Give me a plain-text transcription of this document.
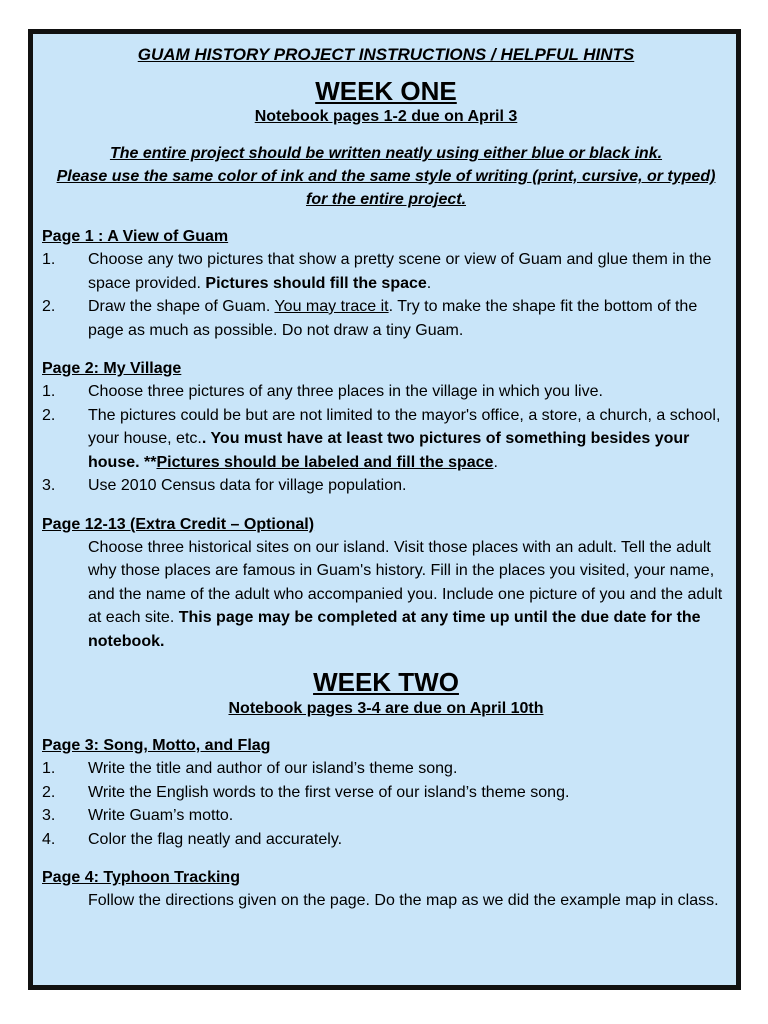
GUAM HISTORY PROJECT INSTRUCTIONS / HELPFUL HINTS
WEEK ONE
Notebook pages 1-2 due on April 3
The entire project should be written neatly using either blue or black ink.
Please use the same color of ink and the same style of writing (print, cursive, or typed)
for the entire project.
Page 1 : A View of Guam
1. Choose any two pictures that show a pretty scene or view of Guam and glue them in the space provided. Pictures should fill the space.
2. Draw the shape of Guam. You may trace it. Try to make the shape fit the bottom of the page as much as possible. Do not draw a tiny Guam.
Page 2: My Village
1. Choose three pictures of any three places in the village in which you live.
2. The pictures could be but are not limited to the mayor's office, a store, a church, a school, your house, etc.. You must have at least two pictures of something besides your house. **Pictures should be labeled and fill the space.
3. Use 2010 Census data for village population.
Page 12-13 (Extra Credit – Optional)

Choose three historical sites on our island. Visit those places with an adult. Tell the adult why those places are famous in Guam's history. Fill in the places you visited, your name, and the name of the adult who accompanied you. Include one picture of you and the adult at each site. This page may be completed at any time up until the due date for the notebook.

WEEK TWO
Notebook pages 3-4 are due on April 10th
Page 3: Song, Motto, and Flag
1. Write the title and author of our island’s theme song.
2. Write the English words to the first verse of our island’s theme song.
3. Write Guam’s motto.
4. Color the flag neatly and accurately.
Page 4: Typhoon Tracking

Follow the directions given on the page. Do the map as we did the example map in class.
